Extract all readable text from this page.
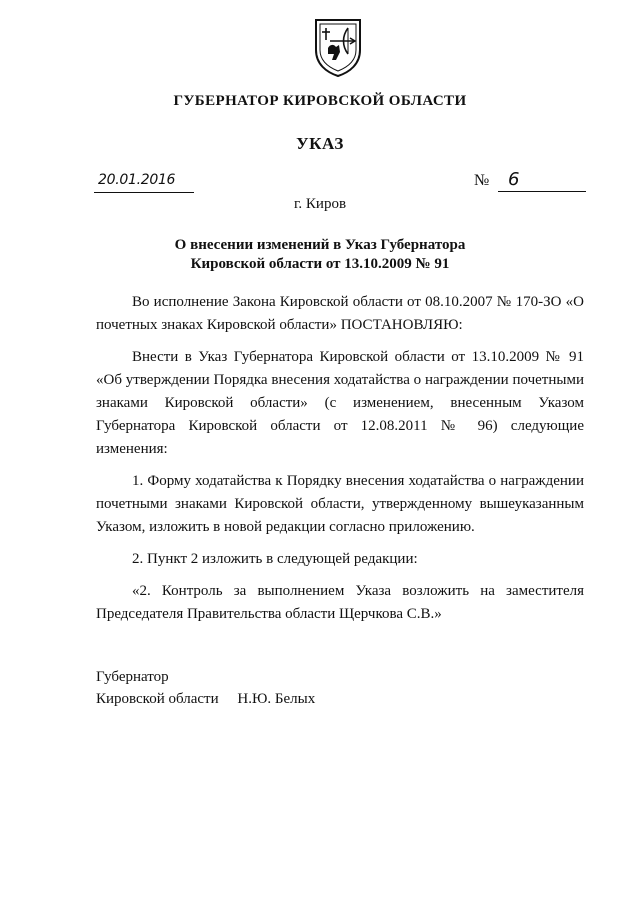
ГУБЕРНАТОР КИРОВСКОЙ ОБЛАСТИ
УКАЗ
20.01.2016	№ 6
г. Киров
О внесении изменений в Указ Губернатора
Кировской области от 13.10.2009 № 91

Во исполнение Закона Кировской области от 08.10.2007 № 170-ЗО «О почетных знаках Кировской области» ПОСТАНОВЛЯЮ:

Внести в Указ Губернатора Кировской области от 13.10.2009 № 91 «Об утверждении Порядка внесения ходатайства о награждении почетными знаками Кировской области» (с изменением, внесенным Указом Губернатора Кировской области от 12.08.2011 № 96) следующие изменения:

1. Форму ходатайства к Порядку внесения ходатайства о награждении почетными знаками Кировской области, утвержденному вышеуказанным Указом, изложить в новой редакции согласно приложению.

2. Пункт 2 изложить в следующей редакции:

«2. Контроль за выполнением Указа возложить на заместителя Председателя Правительства области Щерчкова С.В.»

Губернатор
Кировской области Н.Ю. Белых
